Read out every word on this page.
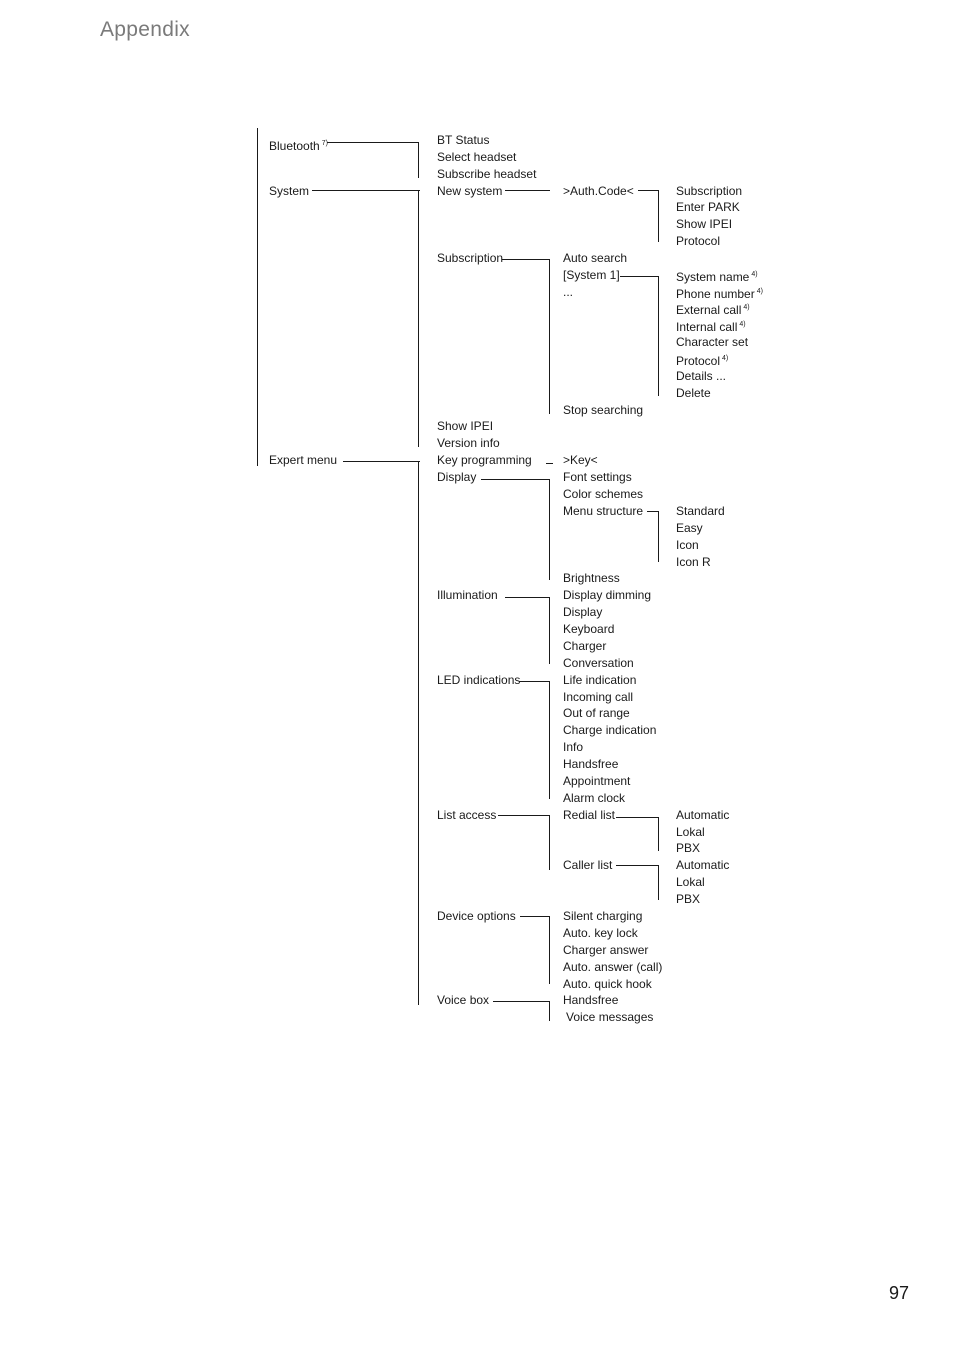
Appendix
Bluetooth $^{7)}$
System
Expert menu
BT Status
Select headset
Subscribe headset
New system
Subscription
Show IPEI
Version info
Key programming
Display
Illumination
LED indications
List access
Device options
Voice box
>Auth.Code<
Auto search
[System 1]
...
Stop searching
>Key<
Font settings
Color schemes
Menu structure
Brightness
Display dimming
Display
Keyboard
Charger
Conversation
Life indication
Incoming call
Out of range
Charge indication
Info
Handsfree
Appointment
Alarm clock
Redial list
Caller list
Silent charging
Auto. key lock
Charger answer
Auto. answer (call)
Auto. quick hook
Handsfree
Voice messages
Subscription
Enter PARK
Show IPEI
Protocol
System name $^{4)}$
Phone number $^{4)}$
External call $^{4)}$
Internal call $^{4)}$
Character set
Protocol $^{4)}$
Details ...
Delete
Standard
Easy
Icon
Icon R
Automatic
Lokal
PBX
Automatic
Lokal
PBX
97
